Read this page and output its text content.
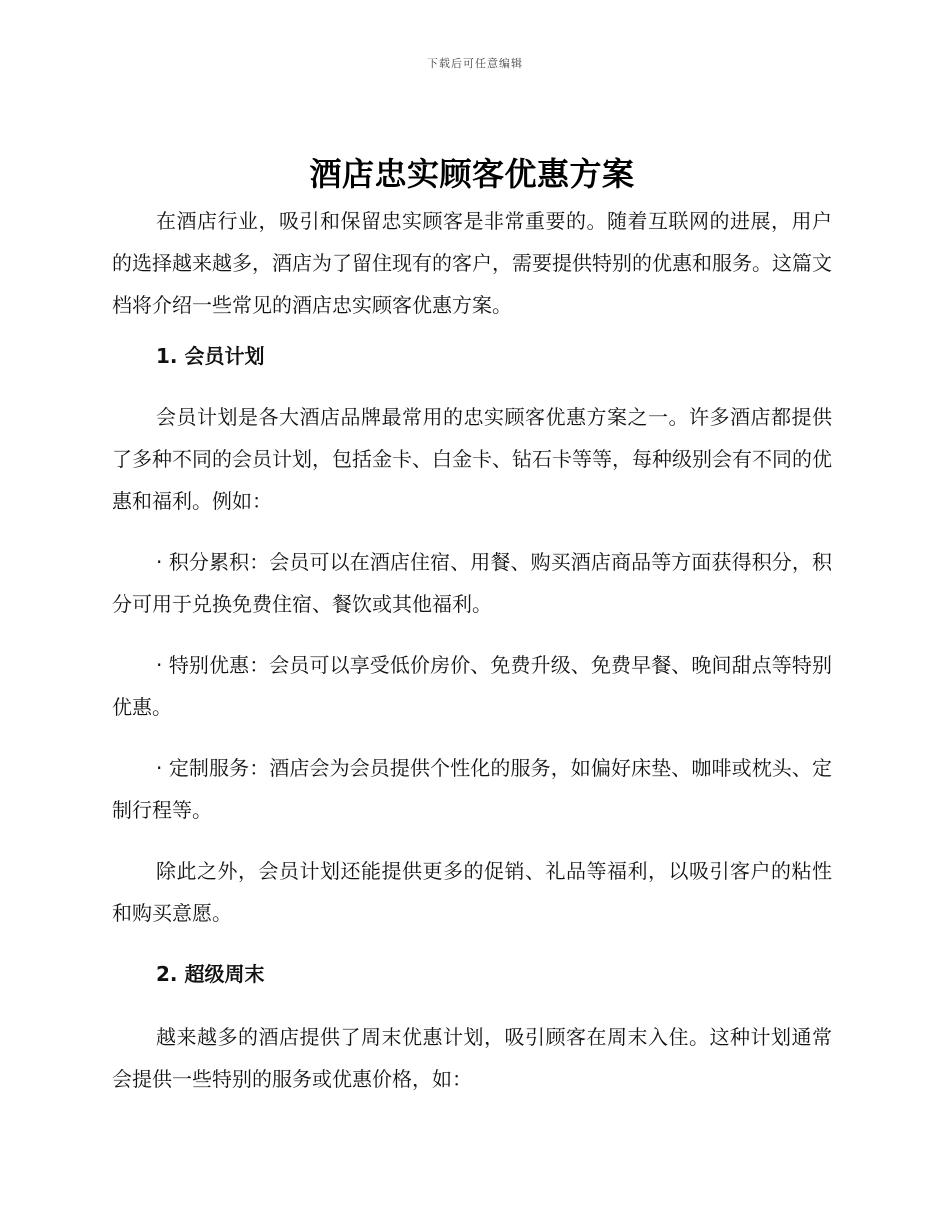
下载后可任意编辑
酒店忠实顾客优惠方案

在酒店行业，吸引和保留忠实顾客是非常重要的。随着互联网的进展，用户的选择越来越多，酒店为了留住现有的客户，需要提供特别的优惠和服务。这篇文档将介绍一些常见的酒店忠实顾客优惠方案。

1. 会员计划

会员计划是各大酒店品牌最常用的忠实顾客优惠方案之一。许多酒店都提供了多种不同的会员计划，包括金卡、白金卡、钻石卡等等，每种级别会有不同的优惠和福利。例如：

· 积分累积：会员可以在酒店住宿、用餐、购买酒店商品等方面获得积分，积分可用于兑换免费住宿、餐饮或其他福利。

· 特别优惠：会员可以享受低价房价、免费升级、免费早餐、晚间甜点等特别优惠。

· 定制服务：酒店会为会员提供个性化的服务，如偏好床垫、咖啡或枕头、定制行程等。

除此之外，会员计划还能提供更多的促销、礼品等福利，以吸引客户的粘性和购买意愿。

2. 超级周末

越来越多的酒店提供了周末优惠计划，吸引顾客在周末入住。这种计划通常会提供一些特别的服务或优惠价格，如：
